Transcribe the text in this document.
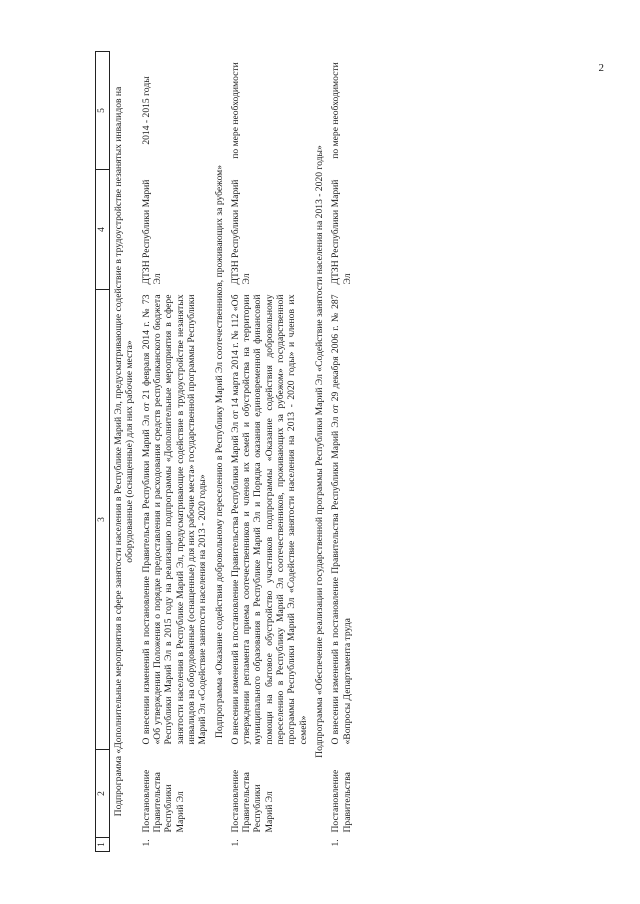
2
1	2	3	4	5
Подпрограмма «Дополнительные мероприятия в сфере занятости населения в Республике Марий Эл, предусматривающие содействие в трудоустройстве незанятых инвалидов на оборудованные (оснащенные) для них рабочие места»				
1.	Постановление Правительства Республики Марий Эл	О внесении изменений в постановление Правительства Республики Марий Эл от 21 февраля 2014 г. № 73 «Об утверждении Положения о порядке предоставления и расходования средств республиканского бюджета Республики Марий Эл в 2015 году на реализацию подпрограммы «Дополнительные мероприятия в сфере занятости населения в Республике Марий Эл, предусматривающие содействие в трудоустройстве незанятых инвалидов на оборудованные (оснащенные) для них рабочие места» государственной программы Республики Марий Эл «Содействие занятости населения на 2013 - 2020 годы»	ДТЗН Республики Марий Эл	2014 - 2015 годы
Подпрограмма «Оказание содействия добровольному переселению в Республику Марий Эл соотечественников, проживающих за рубежом»				
1.	Постановление Правительства Республики Марий Эл	О внесении изменений в постановление Правительства Республики Марий Эл от 14 марта 2014 г. № 112 «Об утверждении регламента приема соотечественников и членов их семей и обустройства на территории муниципального образования в Республике Марий Эл и Порядка оказания единовременной финансовой помощи на бытовое обустройство участников подпрограммы «Оказание содействия добровольному переселению в Республику Марий Эл соотечественников, проживающих за рубежом» государственной программы Республики Марий Эл «Содействие занятости населения на 2013 - 2020 годы» и членов их семей»	ДТЗН Республики Марий Эл	по мере необходимости
Подпрограмма «Обеспечение реализации государственной программы Республики Марий Эл «Содействие занятости населения на 2013 - 2020 годы»				
1.	Постановление Правительства	О внесении изменений в постановление Правительства Республики Марий Эл от 29 декабря 2006 г. № 287 «Вопросы Департамента труда	ДТЗН Республики Марий Эл	по мере необходимости
